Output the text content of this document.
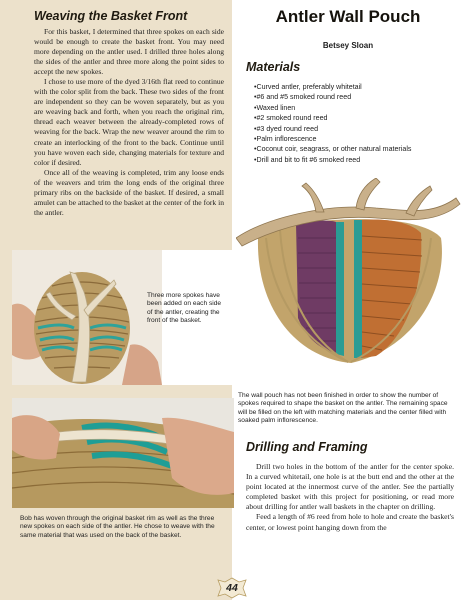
Weaving the Basket Front

For this basket, I determined that three spokes on each side would be enough to create the basket front. You may need more depending on the antler used. I drilled three holes along the sides of the antler and three more along the point sides to accept the new spokes.

I chose to use more of the dyed 3/16th flat reed to continue with the color split from the back. These two sides of the front are independent so they can be woven separately, but as you are weaving back and forth, when you reach the original rim, thread each weaver between the already-completed rows of weaving for the back. Wrap the new weaver around the rim to create an interlocking of the front to the back. Continue until you have woven each side, changing materials for texture and color if desired.

Once all of the weaving is completed, trim any loose ends of the weavers and trim the long ends of the original three primary ribs on the backside of the basket. If desired, a small amulet can be attached to the basket at the center of the fork in the antler.

Three more spokes have been added on each side of the antler, creating the front of the basket.
Bob has woven through the original basket rim as well as the three new spokes on each side of the antler. He chose to weave with the same material that was used on the back of the basket.
Antler Wall Pouch
Betsey Sloan
Materials
• Curved antler, preferably whitetail
• #6 and #5 smoked round reed
• Waxed linen
• #2 smoked round reed
• #3 dyed round reed
• Palm inflorescence
• Coconut coir, seagrass, or other natural materials
• Drill and bit to fit #6 smoked reed
The wall pouch has not been finished in order to show the number of spokes required to shape the basket on the antler. The remaining space will be filled on the left with matching materials and the center filled with soaked palm inflorescence.
Drilling and Framing

Drill two holes in the bottom of the antler for the center spoke. In a curved whitetail, one hole is at the butt end and the other at the point located at the innermost curve of the antler. See the partially completed basket with this project for positioning, or read more about drilling for antler wall baskets in the chapter on drilling.

Feed a length of #6 reed from hole to hole and create the basket's center, or lowest point hanging down from the

44
